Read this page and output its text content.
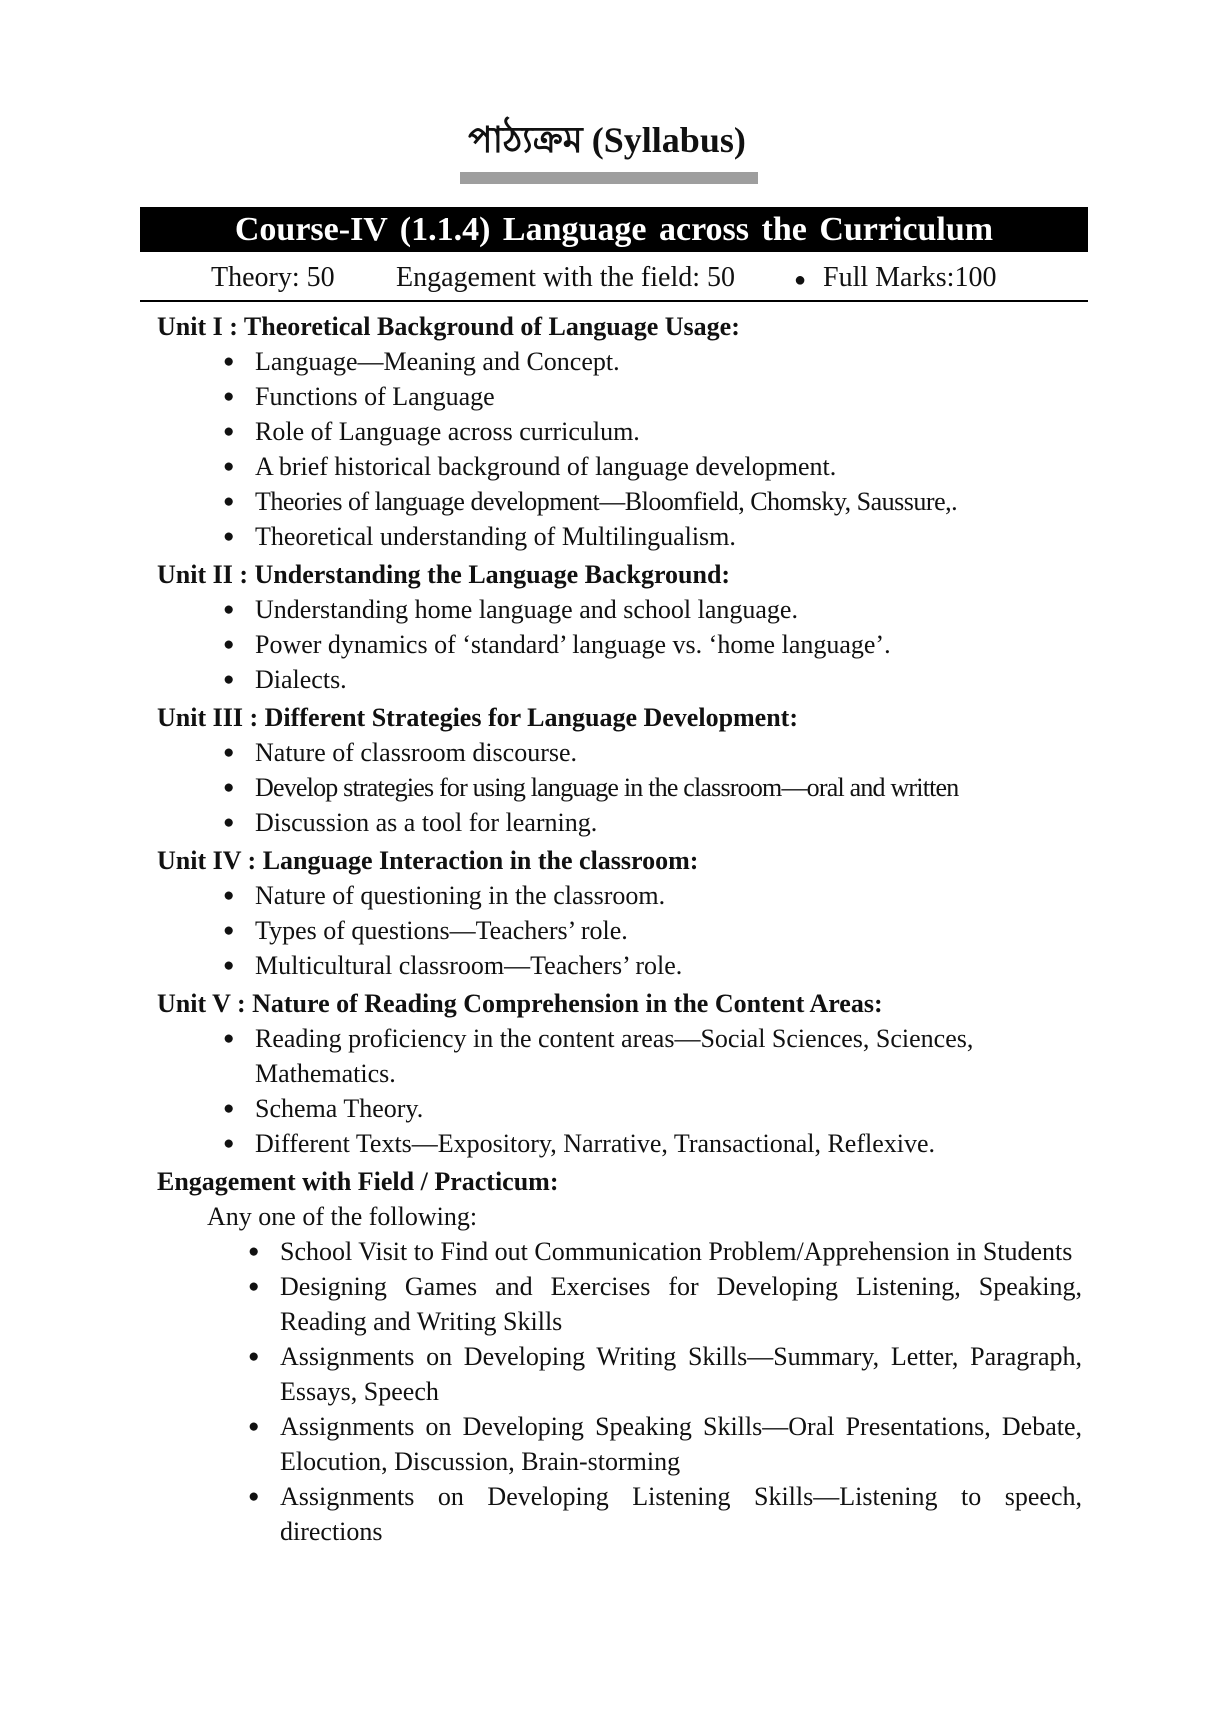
পাঠ্যক্রম (Syllabus)
Course-IV (1.1.4) Language across the Curriculum
Theory: 50 Engagement with the field: 50	● Full Marks:100
Unit I : Theoretical Background of Language Usage:
● Language—Meaning and Concept.
● Functions of Language
● Role of Language across curriculum.
● A brief historical background of language development.
● Theories of language development—Bloomfield, Chomsky, Saussure,.
● Theoretical understanding of Multilingualism.
Unit II : Understanding the Language Background:
● Understanding home language and school language.
● Power dynamics of ‘standard’ language vs. ‘home language’.
● Dialects.
Unit III : Different Strategies for Language Development:
● Nature of classroom discourse.
● Develop strategies for using language in the classroom—oral and written
● Discussion as a tool for learning.
Unit IV : Language Interaction in the classroom:
● Nature of questioning in the classroom.
● Types of questions—Teachers’ role.
● Multicultural classroom—Teachers’ role.
Unit V : Nature of Reading Comprehension in the Content Areas:
● Reading proficiency in the content areas—Social Sciences, Sciences, Mathematics.
● Schema Theory.
● Different Texts—Expository, Narrative, Transactional, Reflexive.
Engagement with Field / Practicum:
Any one of the following:
● School Visit to Find out Communication Problem/Apprehension in Students
● Designing Games and Exercises for Developing Listening, Speaking, Reading and Writing Skills
● Assignments on Developing Writing Skills—Summary, Letter, Paragraph, Essays, Speech
● Assignments on Developing Speaking Skills—Oral Presentations, Debate, Elocution, Discussion, Brain-storming
● Assignments on Developing Listening Skills—Listening to speech, directions
